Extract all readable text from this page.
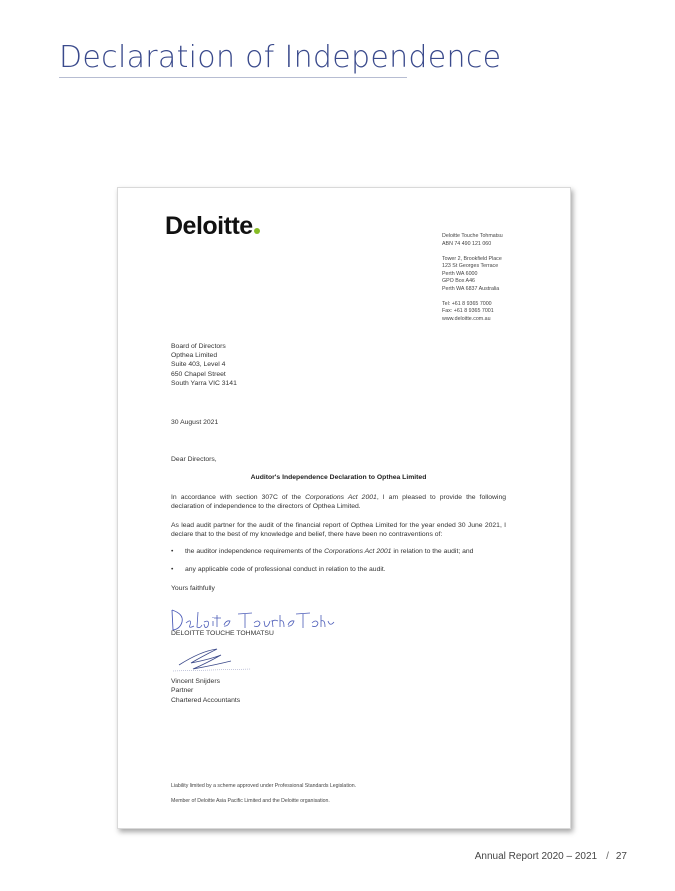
Declaration of Independence
Deloitte	Deloitte Touche Tohmatsu
ABN 74 490 121 060
Tower 2, Brookfield Place
123 St Georges Terrace
Perth WA 6000
GPO Box A46
Perth WA 6837 Australia
Tel: +61 8 9365 7000
Fax: +61 8 9365 7001
www.deloitte.com.au
Board of Directors
Opthea Limited
Suite 403, Level 4
650 Chapel Street
South Yarra VIC 3141
30 August 2021
Dear Directors,
Auditor's Independence Declaration to Opthea Limited
In accordance with section 307C of the Corporations Act 2001, I am pleased to provide the following declaration of independence to the directors of Opthea Limited.
As lead audit partner for the audit of the financial report of Opthea Limited for the year ended 30 June 2021, I declare that to the best of my knowledge and belief, there have been no contraventions of:
• the auditor independence requirements of the Corporations Act 2001 in relation to the audit; and
• any applicable code of professional conduct in relation to the audit.
Yours faithfully
DELOITTE TOUCHE TOHMATSU
Vincent Snijders
Partner
Chartered Accountants
Liability limited by a scheme approved under Professional Standards Legislation.
Member of Deloitte Asia Pacific Limited and the Deloitte organisation.
Annual Report 2020 – 2021 / 27
